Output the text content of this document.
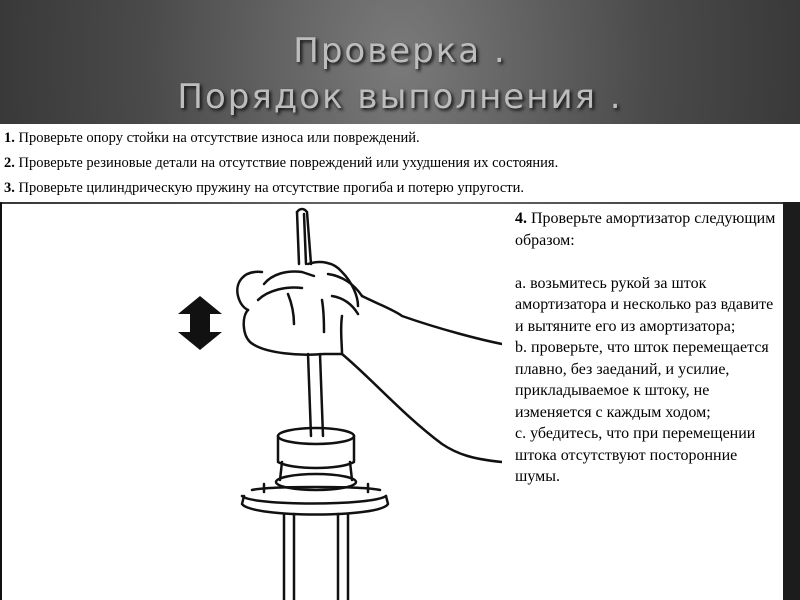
Проверка .
Порядок выполнения .
1. Проверьте опору стойки на отсутствие износа или повреждений.
2. Проверьте резиновые детали на отсутствие повреждений или ухудшения их состояния.
3. Проверьте цилиндрическую пружину на отсутствие прогиба и потерю упругости.

4. Проверьте амортизатор следующим образом:

а. возьмитесь рукой за шток амортизатора и несколько раз вдавите и вытяните его из амортизатора;

b. проверьте, что шток перемещается плавно, без заеданий, и усилие, прикладываемое к штоку, не изменяется с каждым ходом;

с. убедитесь, что при перемещении штока отсутствуют посторонние шумы.
